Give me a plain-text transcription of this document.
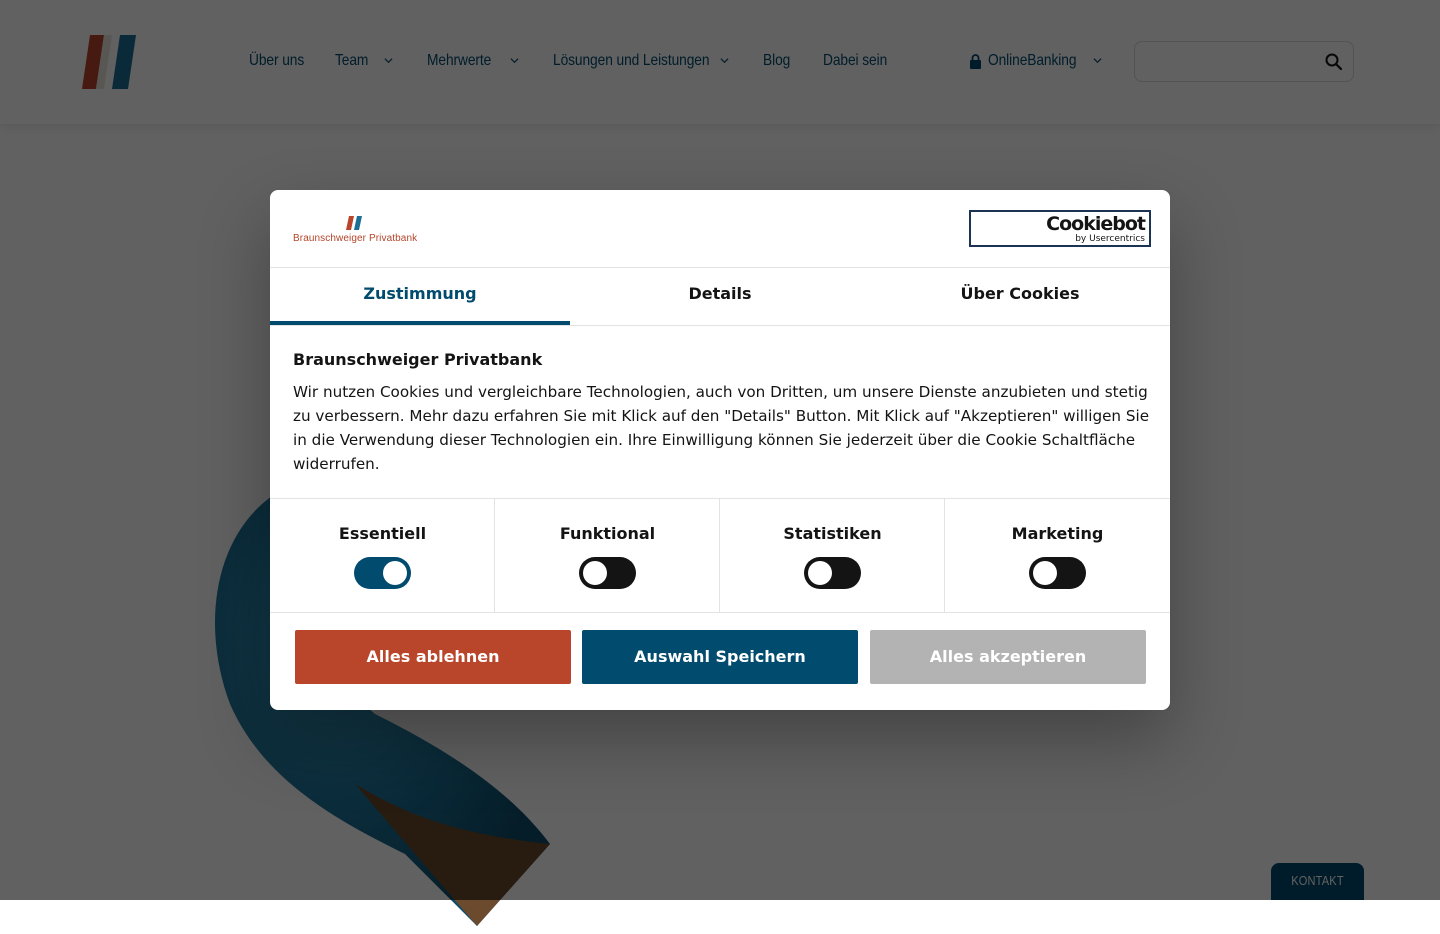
Braunschweiger Privatbank
Cookiebot
by Usercentrics
Zustimmung	Details	Über Cookies
Braunschweiger Privatbank
Wir nutzen Cookies und vergleichbare Technologien, auch von Dritten, um unsere Dienste anzubieten und stetig zu verbessern. Mehr dazu erfahren Sie mit Klick auf den "Details" Button. Mit Klick auf "Akzeptieren" willigen Sie in die Verwendung dieser Technologien ein. Ihre Einwilligung können Sie jederzeit über die Cookie Schaltfläche widerrufen.
Essentiell	Funktional	Statistiken	Marketing
Alles ablehnen	Auswahl Speichern	Alles akzeptieren
